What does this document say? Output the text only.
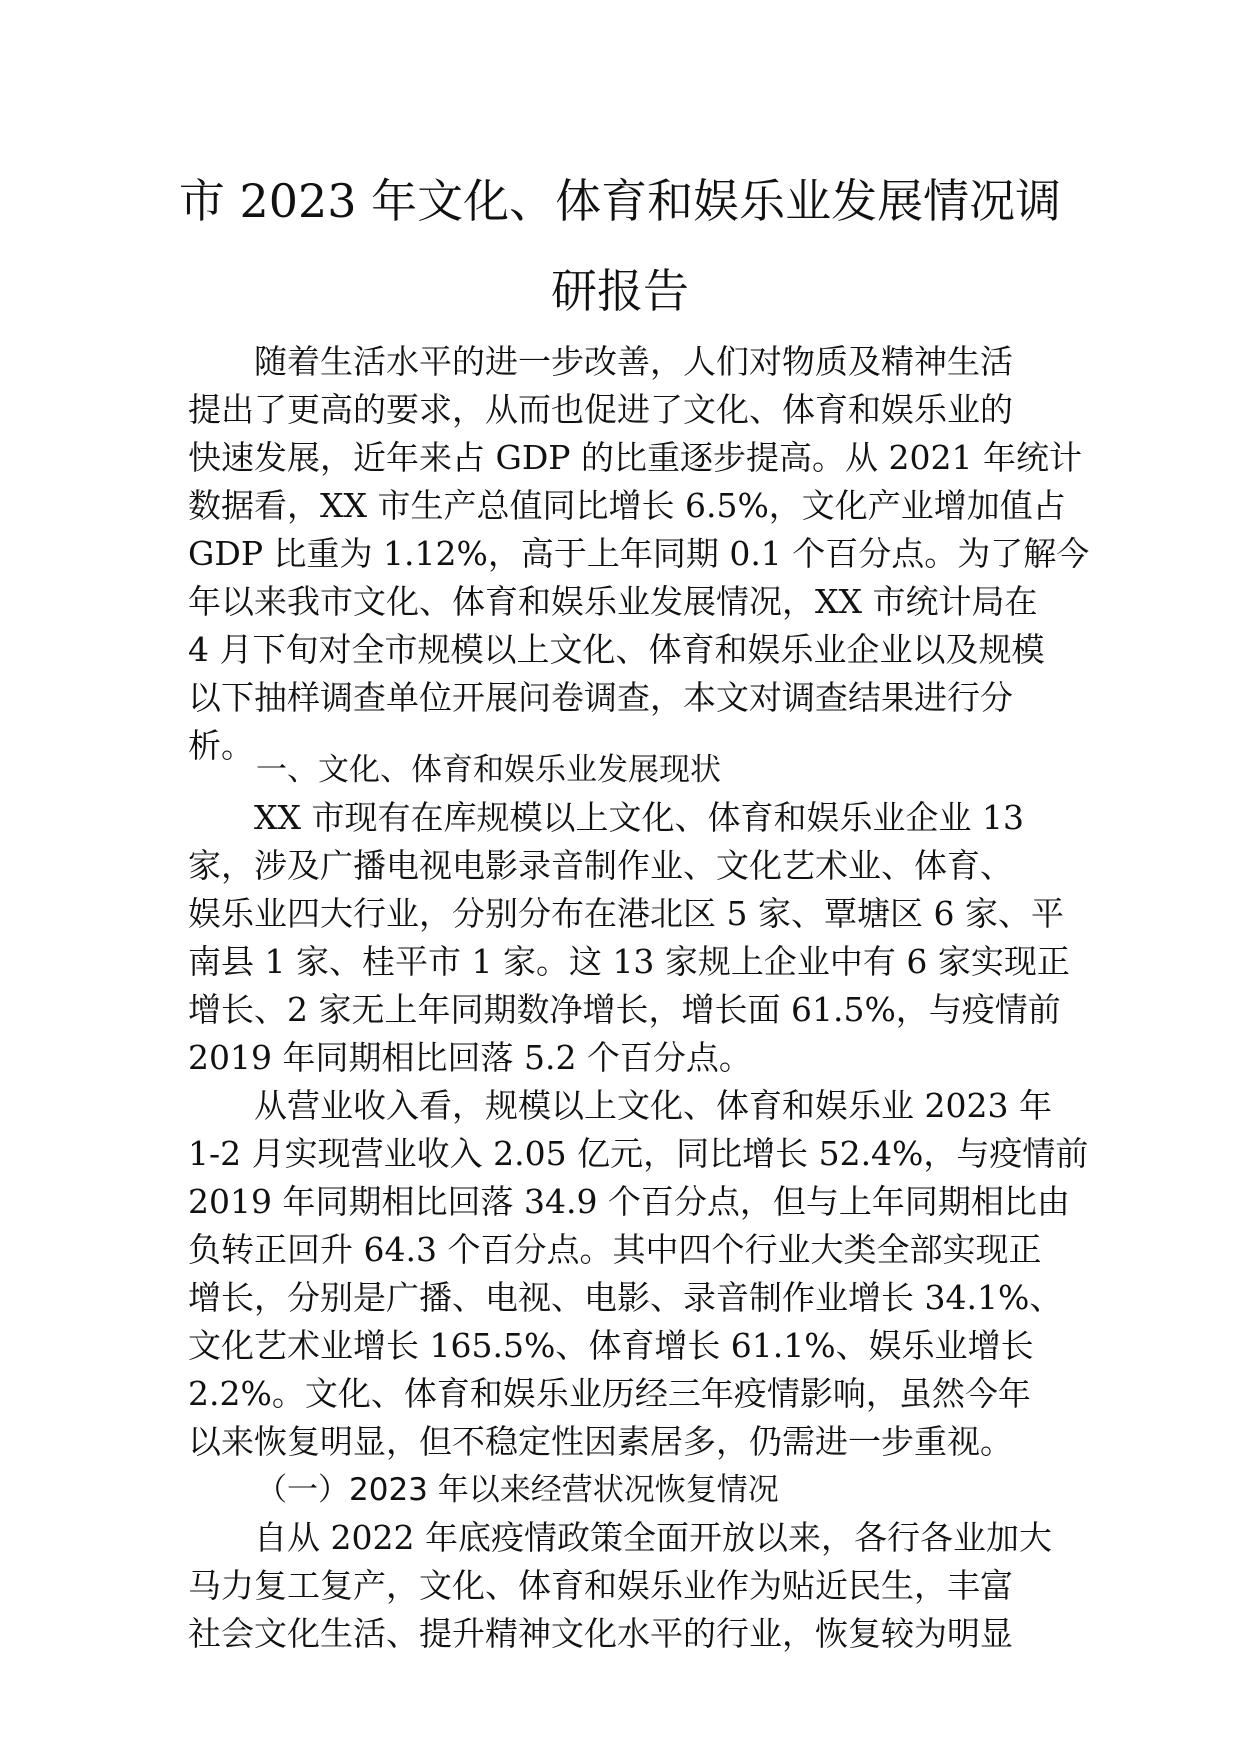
市 2023 年文化、体育和娱乐业发展情况调
研报告
　　随着生活水平的进一步改善，人们对物质及精神生活
提出了更高的要求，从而也促进了文化、体育和娱乐业的
快速发展，近年来占 GDP 的比重逐步提高。从 2021 年统计
数据看，XX 市生产总值同比增长 6.5%，文化产业增加值占
GDP 比重为 1.12%，高于上年同期 0.1 个百分点。为了解今
年以来我市文化、体育和娱乐业发展情况，XX 市统计局在
4 月下旬对全市规模以上文化、体育和娱乐业企业以及规模
以下抽样调查单位开展问卷调查，本文对调查结果进行分
析。
一、文化、体育和娱乐业发展现状
　　XX 市现有在库规模以上文化、体育和娱乐业企业 13
家，涉及广播电视电影录音制作业、文化艺术业、体育、
娱乐业四大行业，分别分布在港北区 5 家、覃塘区 6 家、平
南县 1 家、桂平市 1 家。这 13 家规上企业中有 6 家实现正
增长、2 家无上年同期数净增长，增长面 61.5%，与疫情前
2019 年同期相比回落 5.2 个百分点。
　　从营业收入看，规模以上文化、体育和娱乐业 2023 年
1-2 月实现营业收入 2.05 亿元，同比增长 52.4%，与疫情前
2019 年同期相比回落 34.9 个百分点，但与上年同期相比由
负转正回升 64.3 个百分点。其中四个行业大类全部实现正
增长，分别是广播、电视、电影、录音制作业增长 34.1%、
文化艺术业增长 165.5%、体育增长 61.1%、娱乐业增长
2.2%。文化、体育和娱乐业历经三年疫情影响，虽然今年
以来恢复明显，但不稳定性因素居多，仍需进一步重视。
（一）2023 年以来经营状况恢复情况
　　自从 2022 年底疫情政策全面开放以来，各行各业加大
马力复工复产，文化、体育和娱乐业作为贴近民生，丰富
社会文化生活、提升精神文化水平的行业，恢复较为明显
